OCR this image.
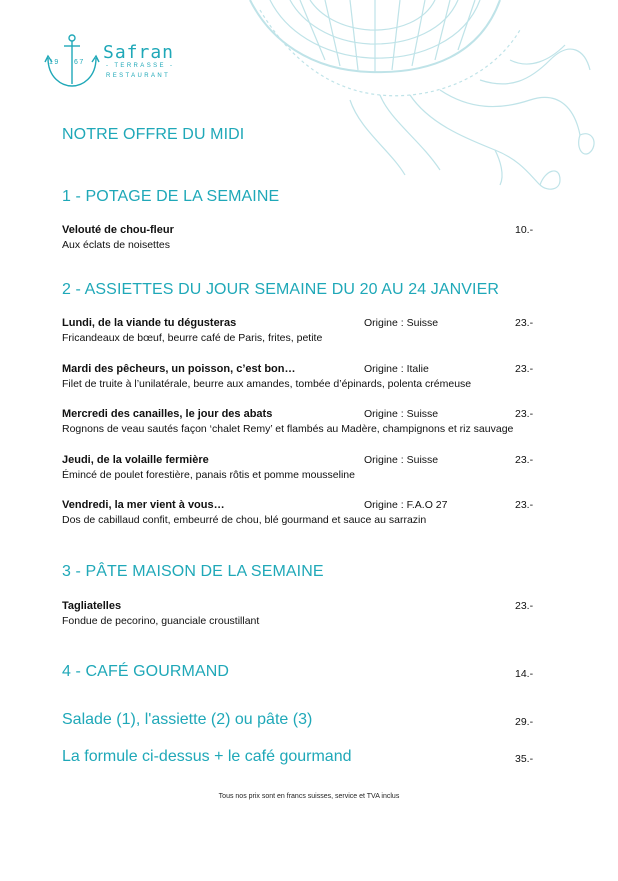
19 67 Safran
- TERRASSE -
RESTAURANT
NOTRE OFFRE DU MIDI
1 - POTAGE DE LA SEMAINE
Velouté de chou-fleur	10.-
Aux éclats de noisettes
2 - ASSIETTES DU JOUR SEMAINE DU 20 AU 24 JANVIER
Lundi, de la viande tu dégusteras	Origine : Suisse	23.-
Fricandeaux de bœuf, beurre café de Paris, frites, petite
Mardi des pêcheurs, un poisson, c’est bon…	Origine : Italie	23.-
Filet de truite à l’unilatérale, beurre aux amandes, tombée d’épinards, polenta crémeuse
Mercredi des canailles, le jour des abats	Origine : Suisse	23.-
Rognons de veau sautés façon ‘chalet Remy’ et flambés au Madère, champignons et riz sauvage
Jeudi, de la volaille fermière	Origine : Suisse	23.-
Émincé de poulet forestière, panais rôtis et pomme mousseline
Vendredi, la mer vient à vous…	Origine : F.A.O 27	23.-
Dos de cabillaud confit, embeurré de chou, blé gourmand et sauce au sarrazin
3 - PÂTE MAISON DE LA SEMAINE
Tagliatelles	23.-
Fondue de pecorino, guanciale croustillant
4 - CAFÉ GOURMAND	14.-
Salade (1), l'assiette (2) ou pâte (3)	29.-
La formule ci-dessus + le café gourmand	35.-
Tous nos prix sont en francs suisses, service et TVA inclus
